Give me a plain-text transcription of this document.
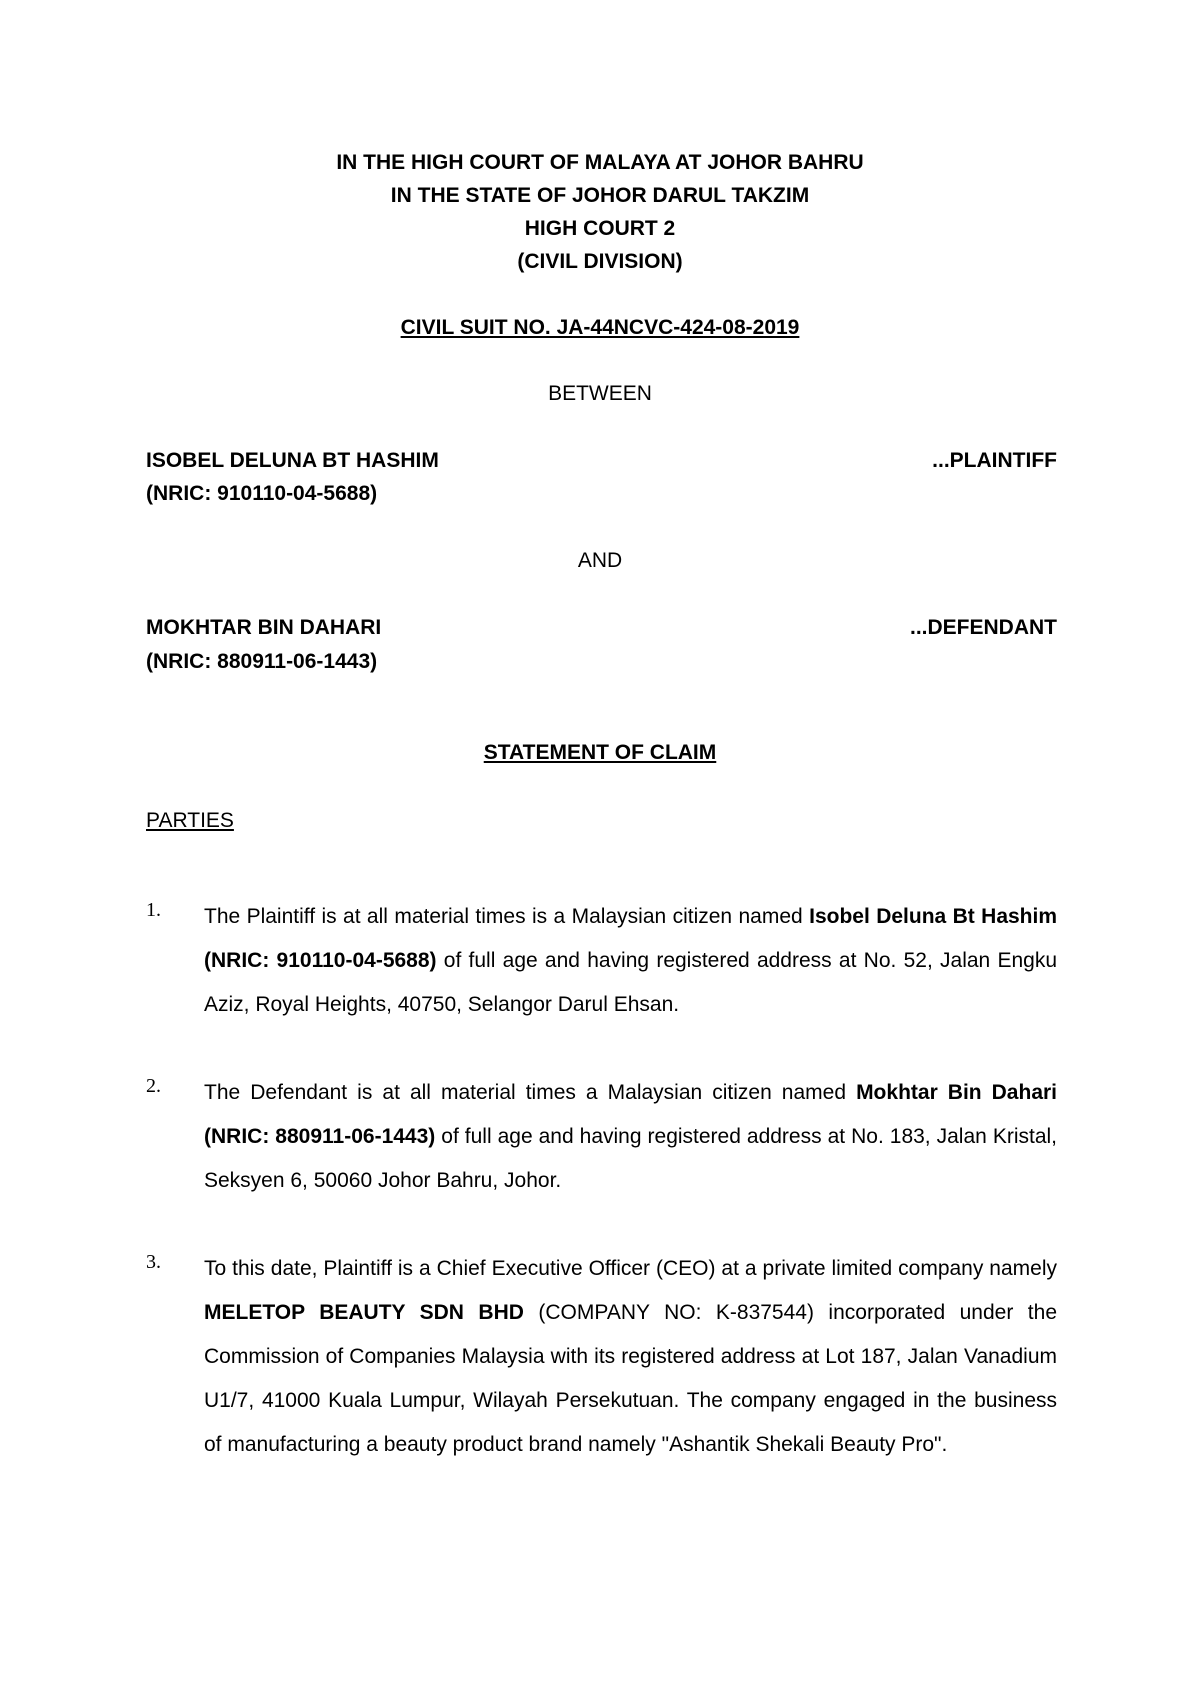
IN THE HIGH COURT OF MALAYA AT JOHOR BAHRU
IN THE STATE OF JOHOR DARUL TAKZIM
HIGH COURT 2
(CIVIL DIVISION)
CIVIL SUIT NO. JA-44NCVC-424-08-2019
BETWEEN
ISOBEL DELUNA BT HASHIM	...PLAINTIFF
(NRIC: 910110-04-5688)
AND
MOKHTAR BIN DAHARI	...DEFENDANT
(NRIC: 880911-06-1443)
STATEMENT OF CLAIM
PARTIES
1. The Plaintiff is at all material times is a Malaysian citizen named Isobel Deluna Bt Hashim (NRIC: 910110-04-5688) of full age and having registered address at No. 52, Jalan Engku Aziz, Royal Heights, 40750, Selangor Darul Ehsan.
2. The Defendant is at all material times a Malaysian citizen named Mokhtar Bin Dahari (NRIC: 880911-06-1443) of full age and having registered address at No. 183, Jalan Kristal, Seksyen 6, 50060 Johor Bahru, Johor.
3. To this date, Plaintiff is a Chief Executive Officer (CEO) at a private limited company namely MELETOP BEAUTY SDN BHD (COMPANY NO: K-837544) incorporated under the Commission of Companies Malaysia with its registered address at Lot 187, Jalan Vanadium U1/7, 41000 Kuala Lumpur, Wilayah Persekutuan. The company engaged in the business of manufacturing a beauty product brand namely "Ashantik Shekali Beauty Pro".
